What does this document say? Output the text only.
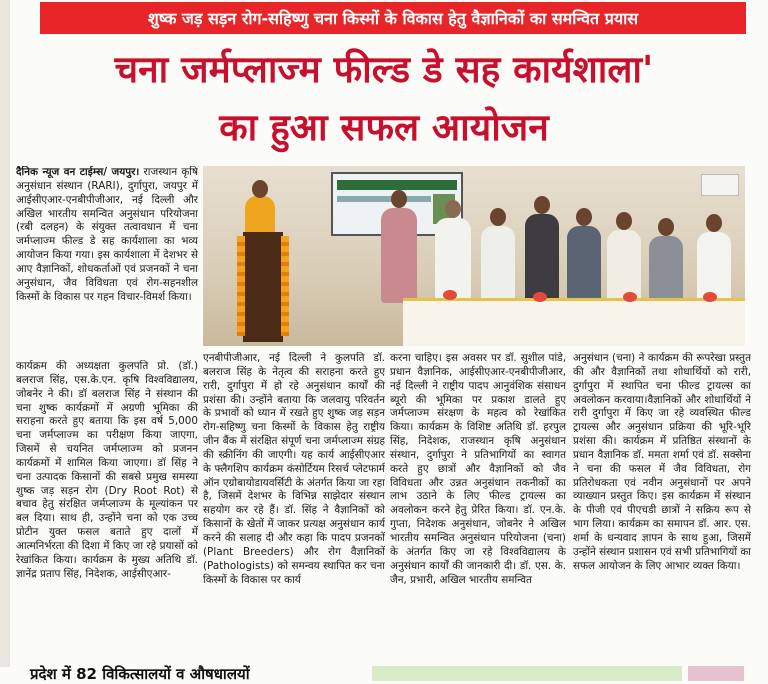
शुष्क जड़ सड़न रोग-सहिष्णु चना किस्मों के विकास हेतु वैज्ञानिकों का समन्वित प्रयास
चना जर्मप्लाज्म फील्ड डे सह कार्यशाला'
का हुआ सफल आयोजन

दैनिक न्यूज वन टाईम्स/ जयपुर। राजस्थान कृषि अनुसंधान संस्थान (RARI), दुर्गापुरा, जयपुर में आईसीएआर-एनबीपीजीआर, नई दिल्ली और अखिल भारतीय समन्वित अनुसंधान परियोजना (रबी दलहन) के संयुक्त तत्वावधान में चना जर्मप्लाज्म फील्ड डे सह कार्यशाला का भव्य आयोजन किया गया। इस कार्यशाला में देशभर से आए वैज्ञानिकों, शोधकर्ताओं एवं प्रजनकों ने चना अनुसंधान, जैव विविधता एवं रोग-सहनशील किस्मों के विकास पर गहन विचार-विमर्श किया।

कार्यक्रम की अध्यक्षता कुलपति प्रो. (डॉ.) बलराज सिंह, एस.के.एन. कृषि विश्वविद्यालय, जोबनेर ने की। डॉ बलराज सिंह ने संस्थान की चना शुष्क कार्यक्रमों में अग्रणी भूमिका की सराहना करते हुए बताया कि इस वर्ष 5,000 चना जर्मप्लाज्म का परीक्षण किया जाएगा, जिसमें से चयनित जर्मप्लाज्म को प्रजनन कार्यक्रमों में शामिल किया जाएगा। डॉ सिंह ने चना उत्पादक किसानों की सबसे प्रमुख समस्या शुष्क जड़ सड़न रोग (Dry Root Rot) से बचाव हेतु संरक्षित जर्मप्लाज्म के मूल्यांकन पर बल दिया। साथ ही, उन्होंने चना को एक उच्च प्रोटीन युक्त फसल बताते हुए दालों में आत्मनिर्भरता की दिशा में किए जा रहे प्रयासों को रेखांकित किया। कार्यक्रम के मुख्य अतिथि डॉ. ज्ञानेंद्र प्रताप सिंह, निदेशक, आईसीएआर-

एनबीपीजीआर, नई दिल्ली ने कुलपति डॉ. बलराज सिंह के नेतृत्व की सराहना करते हुए रारी, दुर्गापुरा में हो रहे अनुसंधान कार्यों की प्रशंसा की। उन्होंने बताया कि जलवायु परिवर्तन के प्रभावों को ध्यान में रखते हुए शुष्क जड़ सड़न रोग-सहिष्णु चना किस्मों के विकास हेतु राष्ट्रीय जीन बैंक में संरक्षित संपूर्ण चना जर्मप्लाज्म संग्रह की स्क्रीनिंग की जाएगी। यह कार्य आईसीएआर के फ्लैगशिप कार्यक्रम कंसोर्टियम रिसर्च प्लेटफार्म ऑन एग्रोबायोडायवर्सिटी के अंतर्गत किया जा रहा है, जिसमें देशभर के विभिन्न साझेदार संस्थान सहयोग कर रहे हैं। डॉ. सिंह ने वैज्ञानिकों को किसानों के खेतों में जाकर प्रत्यक्ष अनुसंधान कार्य करने की सलाह दी और कहा कि पादप प्रजनकों (Plant Breeders) और रोग वैज्ञानिकों (Pathologists) को समन्वय स्थापित कर चना किस्मों के विकास पर कार्य

करना चाहिए। इस अवसर पर डॉ. सुशील पांडे, प्रधान वैज्ञानिक, आईसीएआर-एनबीपीजीआर, नई दिल्ली ने राष्ट्रीय पादप आनुवंशिक संसाधन ब्यूरो की भूमिका पर प्रकाश डालते हुए जर्मप्लाज्म संरक्षण के महत्व को रेखांकित किया। कार्यक्रम के विशिष्ट अतिथि डॉ. हरपुल सिंह, निदेशक, राजस्थान कृषि अनुसंधान संस्थान, दुर्गापुरा ने प्रतिभागियों का स्वागत करते हुए छात्रों और वैज्ञानिकों को जैव विविधता और उन्नत अनुसंधान तकनीकों का लाभ उठाने के लिए फील्ड ट्रायल्स का अवलोकन करने हेतु प्रेरित किया। डॉ. एन.के. गुप्ता, निदेशक अनुसंधान, जोबनेर ने अखिल भारतीय समन्वित अनुसंधान परियोजना (चना) के अंतर्गत किए जा रहे विश्वविद्यालय के अनुसंधान कार्यों की जानकारी दी। डॉ. एस. के. जैन, प्रभारी, अखिल भारतीय समन्वित

अनुसंधान (चना) ने कार्यक्रम की रूपरेखा प्रस्तुत की और वैज्ञानिकों तथा शोधार्थियों को रारी, दुर्गापुरा में स्थापित चना फील्ड ट्रायल्स का अवलोकन करवाया।वैज्ञानिकों और शोधार्थियों ने रारी दुर्गापुरा में किए जा रहे व्यवस्थित फील्ड ट्रायल्स और अनुसंधान प्रक्रिया की भूरि-भूरि प्रशंसा की। कार्यक्रम में प्रतिष्ठित संस्थानों के प्रधान वैज्ञानिक डॉ. ममता शर्मा एवं डॉ. सक्सेना ने चना की फसल में जैव विविधता, रोग प्रतिरोधकता एवं नवीन अनुसंधानों पर अपने व्याख्यान प्रस्तुत किए। इस कार्यक्रम में संस्थान के पीजी एवं पीएचडी छात्रों ने सक्रिय रूप से भाग लिया। कार्यक्रम का समापन डॉ. आर. एस. शर्मा के धन्यवाद ज्ञापन के साथ हुआ, जिसमें उन्होंने संस्थान प्रशासन एवं सभी प्रतिभागियों का सफल आयोजन के लिए आभार व्यक्त किया।

प्रदेश में 82 विकित्सालयों व औषधालयों
